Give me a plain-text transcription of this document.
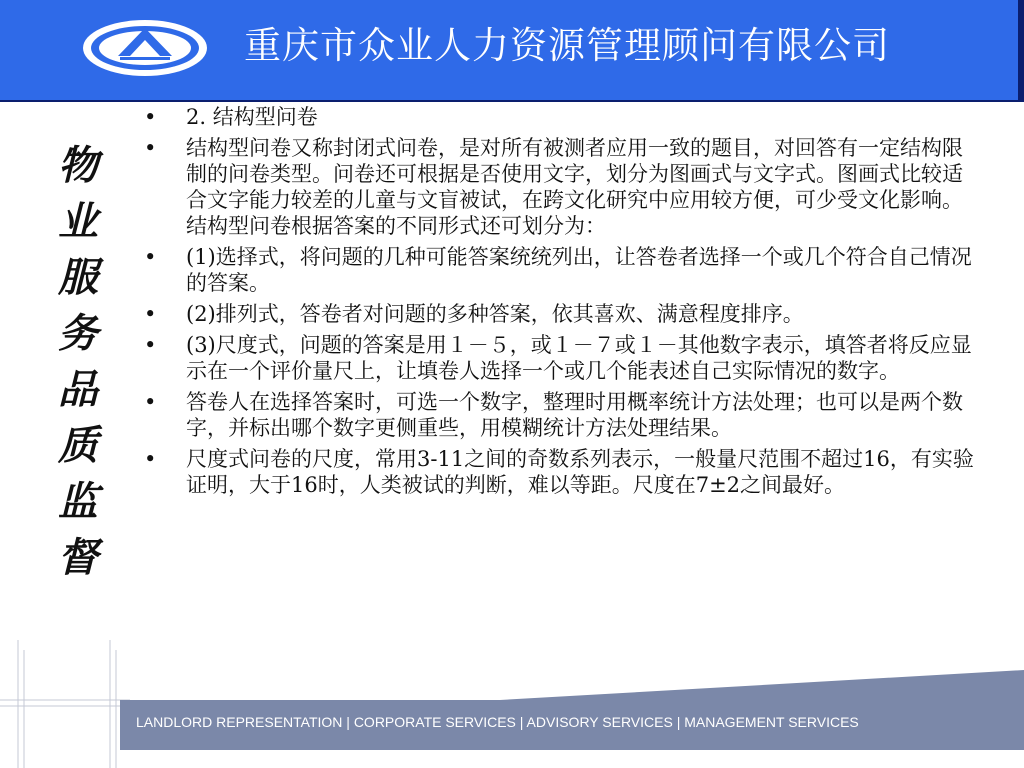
重庆市众业人力资源管理顾问有限公司
物
业
服
务
品
质
监
督
•	2. 结构型问卷
•	结构型问卷又称封闭式问卷，是对所有被测者应用一致的题目，对回答有一定结构限制的问卷类型。问卷还可根据是否使用文字，划分为图画式与文字式。图画式比较适合文字能力较差的儿童与文盲被试，在跨文化研究中应用较方便，可少受文化影响。结构型问卷根据答案的不同形式还可划分为：
•	(1)选择式，将问题的几种可能答案统统列出，让答卷者选择一个或几个符合自己情况的答案。
•	(2)排列式，答卷者对问题的多种答案，依其喜欢、满意程度排序。
•	(3)尺度式，问题的答案是用１－５，或１－７或１－其他数字表示，填答者将反应显示在一个评价量尺上，让填卷人选择一个或几个能表述自己实际情况的数字。
•	答卷人在选择答案时，可选一个数字，整理时用概率统计方法处理；也可以是两个数字，并标出哪个数字更侧重些，用模糊统计方法处理结果。
•	尺度式问卷的尺度，常用3-11之间的奇数系列表示，一般量尺范围不超过16，有实验证明，大于16时，人类被试的判断，难以等距。尺度在7±2之间最好。
LANDLORD REPRESENTATION | CORPORATE SERVICES | ADVISORY SERVICES | MANAGEMENT SERVICES
